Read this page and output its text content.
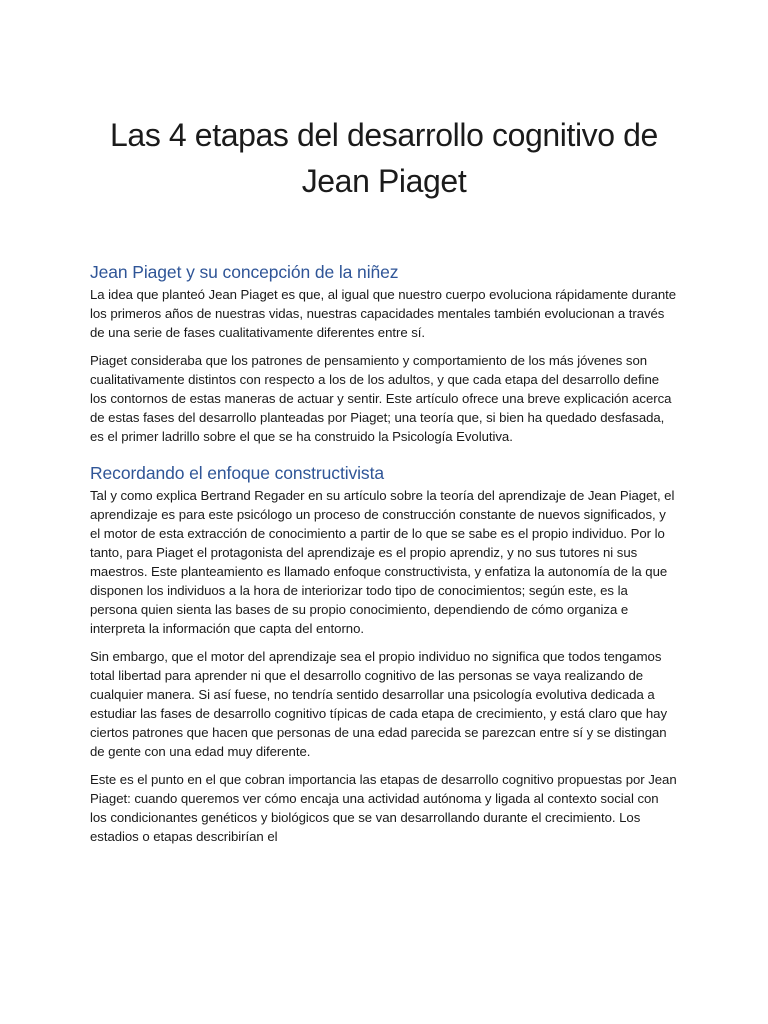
Las 4 etapas del desarrollo cognitivo de
Jean Piaget
Jean Piaget y su concepción de la niñez

La idea que planteó Jean Piaget es que, al igual que nuestro cuerpo evoluciona rápidamente durante los primeros años de nuestras vidas, nuestras capacidades mentales también evolucionan a través de una serie de fases cualitativamente diferentes entre sí.

Piaget consideraba que los patrones de pensamiento y comportamiento de los más jóvenes son cualitativamente distintos con respecto a los de los adultos, y que cada etapa del desarrollo define los contornos de estas maneras de actuar y sentir. Este artículo ofrece una breve explicación acerca de estas fases del desarrollo planteadas por Piaget; una teoría que, si bien ha quedado desfasada, es el primer ladrillo sobre el que se ha construido la Psicología Evolutiva.

Recordando el enfoque constructivista

Tal y como explica Bertrand Regader en su artículo sobre la teoría del aprendizaje de Jean Piaget, el aprendizaje es para este psicólogo un proceso de construcción constante de nuevos significados, y el motor de esta extracción de conocimiento a partir de lo que se sabe es el propio individuo. Por lo tanto, para Piaget el protagonista del aprendizaje es el propio aprendiz, y no sus tutores ni sus maestros. Este planteamiento es llamado enfoque constructivista, y enfatiza la autonomía de la que disponen los individuos a la hora de interiorizar todo tipo de conocimientos; según este, es la persona quien sienta las bases de su propio conocimiento, dependiendo de cómo organiza e interpreta la información que capta del entorno.

Sin embargo, que el motor del aprendizaje sea el propio individuo no significa que todos tengamos total libertad para aprender ni que el desarrollo cognitivo de las personas se vaya realizando de cualquier manera. Si así fuese, no tendría sentido desarrollar una psicología evolutiva dedicada a estudiar las fases de desarrollo cognitivo típicas de cada etapa de crecimiento, y está claro que hay ciertos patrones que hacen que personas de una edad parecida se parezcan entre sí y se distingan de gente con una edad muy diferente.

Este es el punto en el que cobran importancia las etapas de desarrollo cognitivo propuestas por Jean Piaget: cuando queremos ver cómo encaja una actividad autónoma y ligada al contexto social con los condicionantes genéticos y biológicos que se van desarrollando durante el crecimiento. Los estadios o etapas describirían el
